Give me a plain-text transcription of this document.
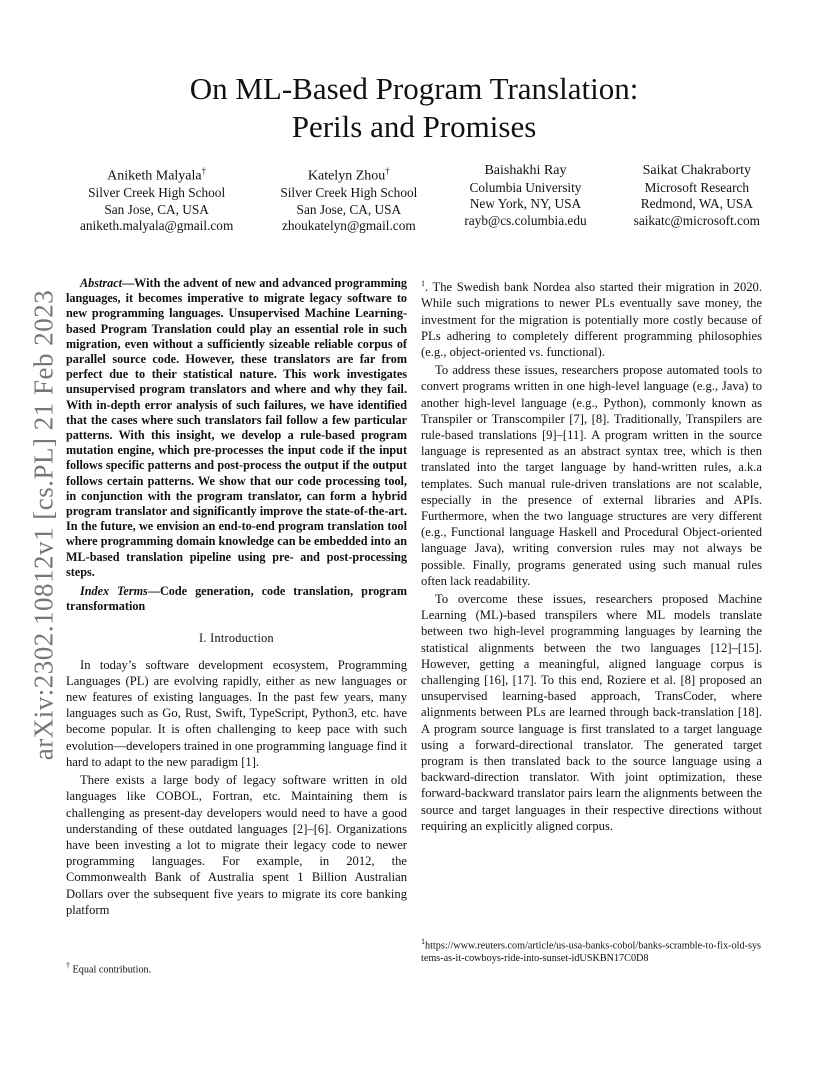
arXiv:2302.10812v1 [cs.PL] 21 Feb 2023
On ML-Based Program Translation:
Perils and Promises
Aniketh Malyala†
Silver Creek High School
San Jose, CA, USA
aniketh.malyala@gmail.com
Katelyn Zhou†
Silver Creek High School
San Jose, CA, USA
zhoukatelyn@gmail.com
Baishakhi Ray
Columbia University
New York, NY, USA
rayb@cs.columbia.edu
Saikat Chakraborty
Microsoft Research
Redmond, WA, USA
saikatc@microsoft.com

Abstract—With the advent of new and advanced programming languages, it becomes imperative to migrate legacy software to new programming languages. Unsupervised Machine Learning-based Program Translation could play an essential role in such migration, even without a sufficiently sizeable reliable corpus of parallel source code. However, these translators are far from perfect due to their statistical nature. This work investigates unsupervised program translators and where and why they fail. With in-depth error analysis of such failures, we have identified that the cases where such translators fail follow a few particular patterns. With this insight, we develop a rule-based program mutation engine, which pre-processes the input code if the input follows specific patterns and post-process the output if the output follows certain patterns. We show that our code processing tool, in conjunction with the program translator, can form a hybrid program translator and significantly improve the state-of-the-art. In the future, we envision an end-to-end program translation tool where programming domain knowledge can be embedded into an ML-based translation pipeline using pre- and post-processing steps.

Index Terms—Code generation, code translation, program transformation

I. Introduction

In today’s software development ecosystem, Programming Languages (PL) are evolving rapidly, either as new languages or new features of existing languages. In the past few years, many languages such as Go, Rust, Swift, TypeScript, Python3, etc. have become popular. It is often challenging to keep pace with such evolution—developers trained in one programming language find it hard to adapt to the new paradigm [1].

There exists a large body of legacy software written in old languages like COBOL, Fortran, etc. Maintaining them is challenging as present-day developers would need to have a good understanding of these outdated languages [2]–[6]. Organizations have been investing a lot to migrate their legacy code to newer programming languages. For example, in 2012, the Commonwealth Bank of Australia spent 1 Billion Australian Dollars over the subsequent five years to migrate its core banking platform

$^1$. The Swedish bank Nordea also started their migration in 2020. While such migrations to newer PLs eventually save money, the investment for the migration is potentially more costly because of PLs adhering to completely different programming philosophies (e.g., object-oriented vs. functional).

To address these issues, researchers propose automated tools to convert programs written in one high-level language (e.g., Java) to another high-level language (e.g., Python), commonly known as Transpiler or Transcompiler [7], [8]. Traditionally, Transpilers are rule-based translations [9]–[11]. A program written in the source language is represented as an abstract syntax tree, which is then translated into the target language by hand-written rules, a.k.a templates. Such manual rule-driven translations are not scalable, especially in the presence of external libraries and APIs. Furthermore, when the two language structures are very different (e.g., Functional language Haskell and Procedural Object-oriented language Java), writing conversion rules may not always be possible. Finally, programs generated using such manual rules often lack readability.

To overcome these issues, researchers proposed Machine Learning (ML)-based transpilers where ML models translate between two high-level programming languages by learning the statistical alignments between the two languages [12]–[15]. However, getting a meaningful, aligned language corpus is challenging [16], [17]. To this end, Roziere et al. [8] proposed an unsupervised learning-based approach, TransCoder, where alignments between PLs are learned through back-translation [18]. A program source language is first translated to a target language using a forward-directional translator. The generated target program is then translated back to the source language using a backward-direction translator. With joint optimization, these forward-backward translator pairs learn the alignments between the source and target languages in their respective directions without requiring an explicitly aligned corpus.

† Equal contribution.
$^1$https://www.reuters.com/article/us-usa-banks-cobol/banks-scramble-to-fix-old-systems-as-it-cowboys-ride-into-sunset-idUSKBN17C0D8
